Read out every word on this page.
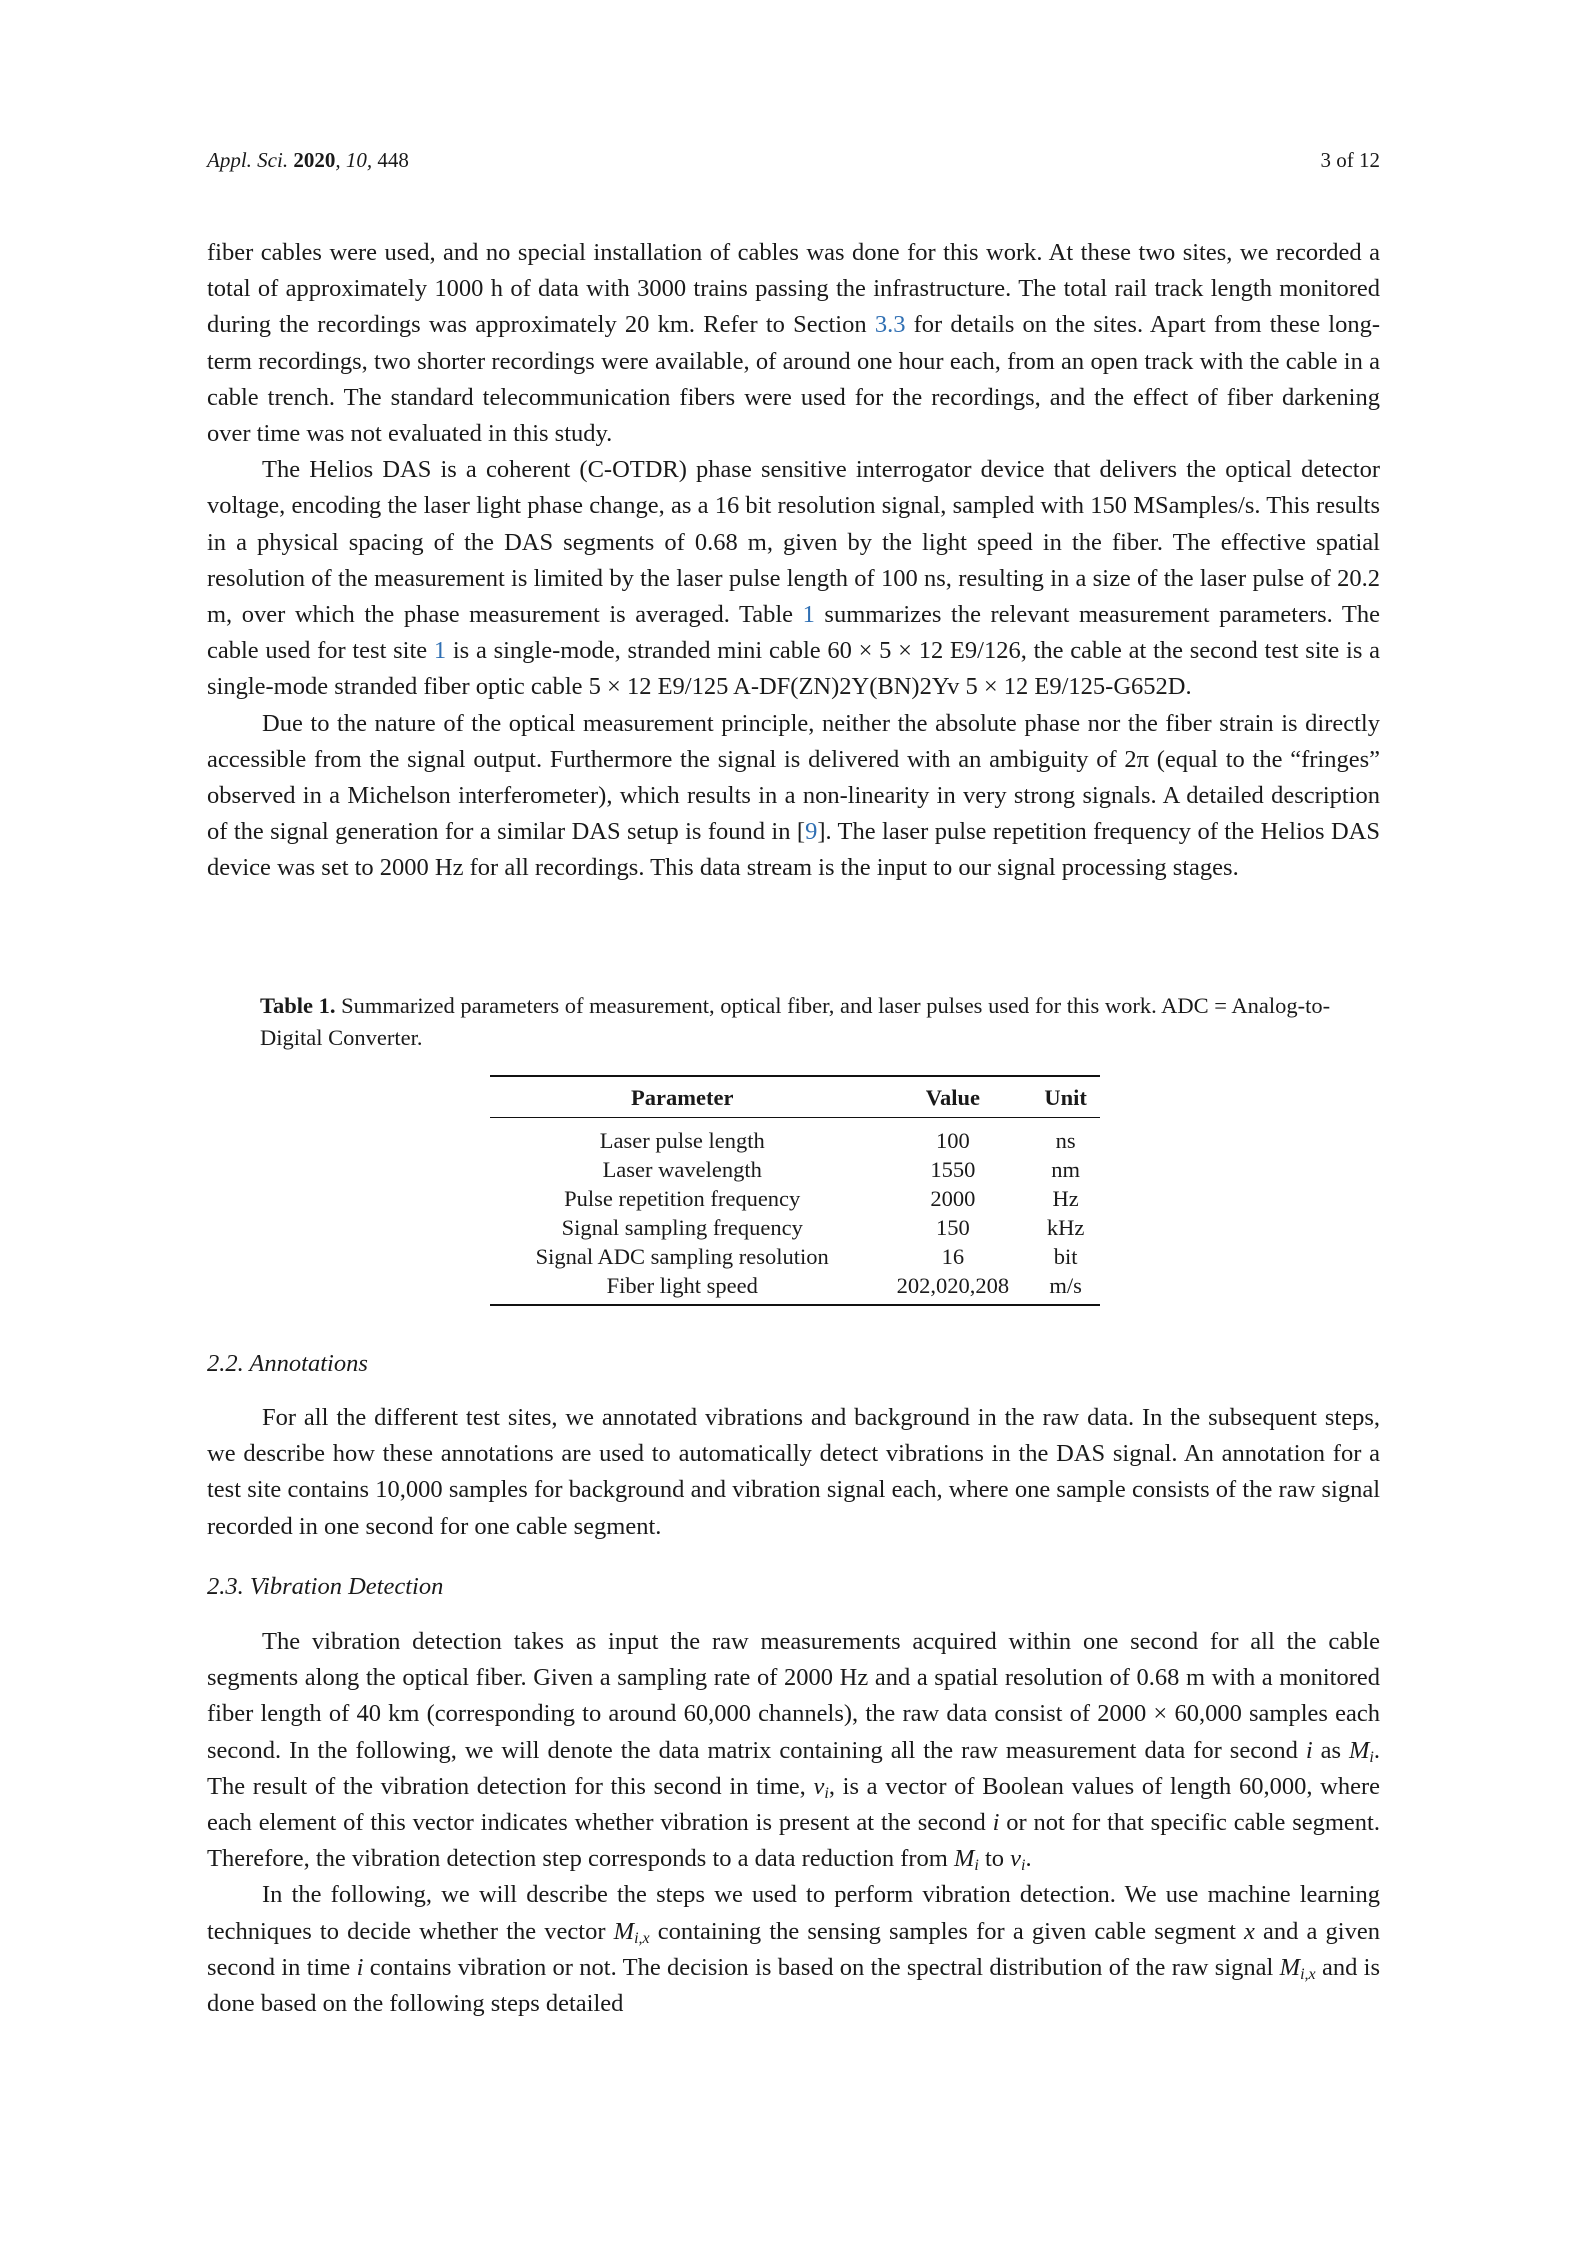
Appl. Sci. 2020, 10, 448	3 of 12

fiber cables were used, and no special installation of cables was done for this work. At these two sites, we recorded a total of approximately 1000 h of data with 3000 trains passing the infrastructure. The total rail track length monitored during the recordings was approximately 20 km. Refer to Section 3.3 for details on the sites. Apart from these long-term recordings, two shorter recordings were available, of around one hour each, from an open track with the cable in a cable trench. The standard telecommunication fibers were used for the recordings, and the effect of fiber darkening over time was not evaluated in this study.

The Helios DAS is a coherent (C-OTDR) phase sensitive interrogator device that delivers the optical detector voltage, encoding the laser light phase change, as a 16 bit resolution signal, sampled with 150 MSamples/s. This results in a physical spacing of the DAS segments of 0.68 m, given by the light speed in the fiber. The effective spatial resolution of the measurement is limited by the laser pulse length of 100 ns, resulting in a size of the laser pulse of 20.2 m, over which the phase measurement is averaged. Table 1 summarizes the relevant measurement parameters. The cable used for test site 1 is a single-mode, stranded mini cable 60 × 5 × 12 E9/126, the cable at the second test site is a single-mode stranded fiber optic cable 5 × 12 E9/125 A-DF(ZN)2Y(BN)2Yv 5 × 12 E9/125-G652D.

Due to the nature of the optical measurement principle, neither the absolute phase nor the fiber strain is directly accessible from the signal output. Furthermore the signal is delivered with an ambiguity of 2π (equal to the “fringes” observed in a Michelson interferometer), which results in a non-linearity in very strong signals. A detailed description of the signal generation for a similar DAS setup is found in [9]. The laser pulse repetition frequency of the Helios DAS device was set to 2000 Hz for all recordings. This data stream is the input to our signal processing stages.

Table 1. Summarized parameters of measurement, optical fiber, and laser pulses used for this work. ADC = Analog-to-Digital Converter.
Parameter	Value	Unit
Laser pulse length	100	ns
Laser wavelength	1550	nm
Pulse repetition frequency	2000	Hz
Signal sampling frequency	150	kHz
Signal ADC sampling resolution	16	bit
Fiber light speed	202,020,208	m/s
2.2. Annotations

For all the different test sites, we annotated vibrations and background in the raw data. In the subsequent steps, we describe how these annotations are used to automatically detect vibrations in the DAS signal. An annotation for a test site contains 10,000 samples for background and vibration signal each, where one sample consists of the raw signal recorded in one second for one cable segment.

2.3. Vibration Detection

The vibration detection takes as input the raw measurements acquired within one second for all the cable segments along the optical fiber. Given a sampling rate of 2000 Hz and a spatial resolution of 0.68 m with a monitored fiber length of 40 km (corresponding to around 60,000 channels), the raw data consist of 2000 × 60,000 samples each second. In the following, we will denote the data matrix containing all the raw measurement data for second i as $M_i$. The result of the vibration detection for this second in time, $v_i$, is a vector of Boolean values of length 60,000, where each element of this vector indicates whether vibration is present at the second i or not for that specific cable segment. Therefore, the vibration detection step corresponds to a data reduction from $M_i$ to $v_i$.

In the following, we will describe the steps we used to perform vibration detection. We use machine learning techniques to decide whether the vector $M_{i,x}$ containing the sensing samples for a given cable segment x and a given second in time i contains vibration or not. The decision is based on the spectral distribution of the raw signal $M_{i,x}$ and is done based on the following steps detailed
